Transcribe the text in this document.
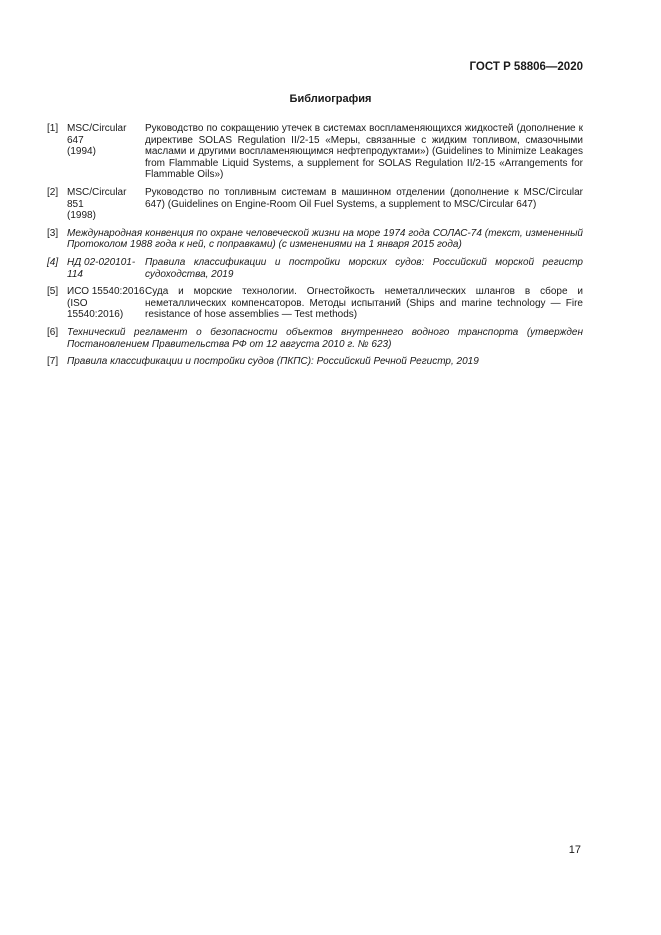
ГОСТ Р 58806—2020
Библиография
[1] MSC/Circular 647
(1994)
Руководство по сокращению утечек в системах воспламеняющихся жидкостей (дополнение к директиве SOLAS Regulation II/2-15 «Меры, связанные с жидким топливом, смазочными маслами и другими воспламеняющимся нефтепродуктами») (Guidelines to Minimize Leakages from Flammable Liquid Systems, a supplement for SOLAS Regulation II/2-15 «Arrangements for Flammable Oils»)
[2] MSC/Circular 851
(1998)
Руководство по топливным системам в машинном отделении (дополнение к MSC/Circular 647) (Guidelines on Engine-Room Oil Fuel Systems, a supplement to MSC/Circular 647)
[3] Международная конвенция по охране человеческой жизни на море 1974 года СОЛАС-74 (текст, измененный Протоколом 1988 года к ней, с поправками) (с изменениями на 1 января 2015 года)
[4] НД 02-020101-114
Правила классификации и постройки морских судов: Российский морской регистр судоходства, 2019
[5] ИСО 15540:2016
(ISO 15540:2016)
Суда и морские технологии. Огнестойкость неметаллических шлангов в сборе и неметаллических компенсаторов. Методы испытаний (Ships and marine technology — Fire resistance of hose assemblies — Test methods)
[6] Технический регламент о безопасности объектов внутреннего водного транспорта (утвержден Постановлением Правительства РФ от 12 августа 2010 г. № 623)
[7] Правила классификации и постройки судов (ПКПС): Российский Речной Регистр, 2019
17
